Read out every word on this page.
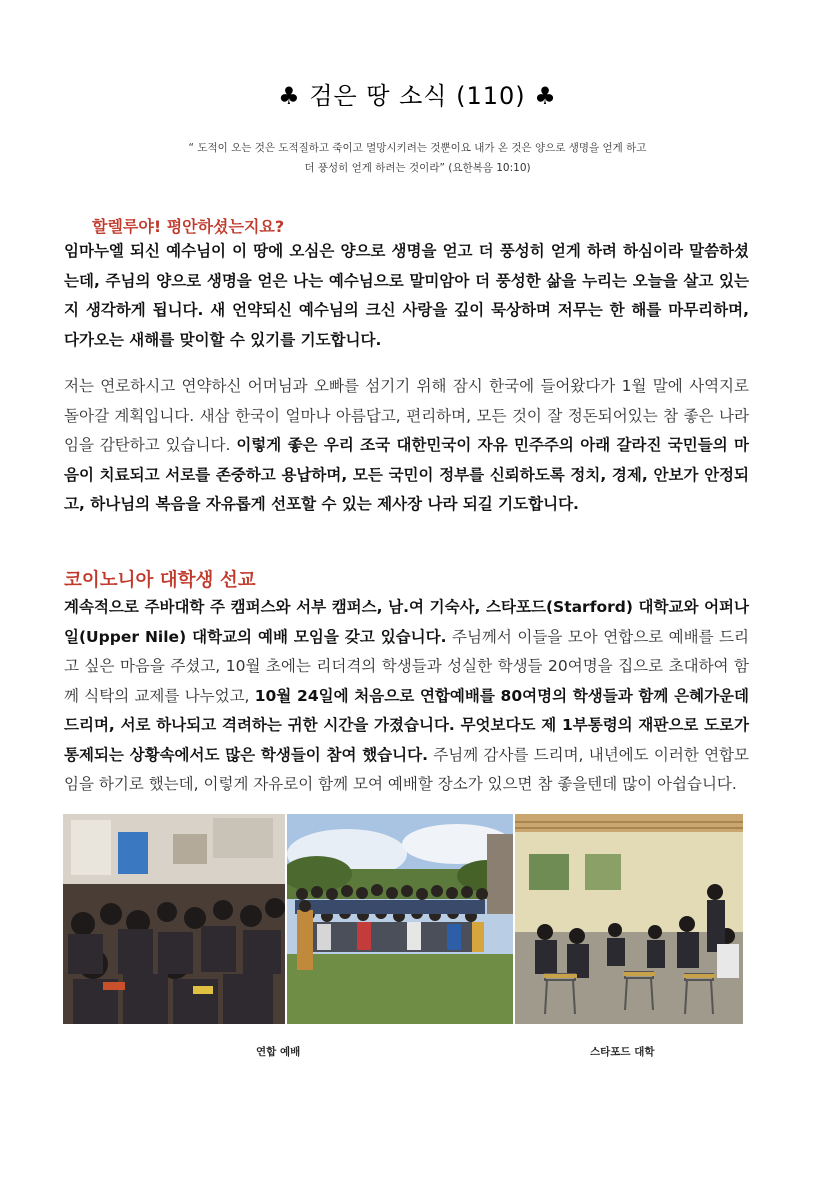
♣ 검은 땅 소식 (110) ♣
“ 도적이 오는 것은 도적질하고 죽이고 멸망시키려는 것뿐이요 내가 온 것은 양으로 생명을 얻게 하고
더 풍성히 얻게 하려는 것이라” (요한복음 10:10)
할렐루야! 평안하셨는지요?

임마누엘 되신 예수님이 이 땅에 오심은 양으로 생명을 얻고 더 풍성히 얻게 하려 하심이라 말씀하셨는데, 주님의 양으로 생명을 얻은 나는 예수님으로 말미암아 더 풍성한 삶을 누리는 오늘을 살고 있는지 생각하게 됩니다. 새 언약되신 예수님의 크신 사랑을 깊이 묵상하며 저무는 한 해를 마무리하며, 다가오는 새해를 맞이할 수 있기를 기도합니다.

저는 연로하시고 연약하신 어머님과 오빠를 섬기기 위해 잠시 한국에 들어왔다가 1월 말에 사역지로 돌아갈 계획입니다. 새삼 한국이 얼마나 아름답고, 편리하며, 모든 것이 잘 정돈되어있는 참 좋은 나라임을 감탄하고 있습니다. 이렇게 좋은 우리 조국 대한민국이 자유 민주주의 아래 갈라진 국민들의 마음이 치료되고 서로를 존중하고 용납하며, 모든 국민이 정부를 신뢰하도록 정치, 경제, 안보가 안정되고, 하나님의 복음을 자유롭게 선포할 수 있는 제사장 나라 되길 기도합니다.

코이노니아 대학생 선교

계속적으로 주바대학 주 캠퍼스와 서부 캠퍼스, 남.여 기숙사, 스타포드(Starford) 대학교와 어퍼나일(Upper Nile) 대학교의 예배 모임을 갖고 있습니다. 주님께서 이들을 모아 연합으로 예배를 드리고 싶은 마음을 주셨고, 10월 초에는 리더격의 학생들과 성실한 학생들 20여명을 집으로 초대하여 함께 식탁의 교제를 나누었고, 10월 24일에 처음으로 연합예배를 80여명의 학생들과 함께 은혜가운데 드리며, 서로 하나되고 격려하는 귀한 시간을 가졌습니다. 무엇보다도 제 1부통령의 재판으로 도로가 통제되는 상황속에서도 많은 학생들이 참여 했습니다. 주님께 감사를 드리며, 내년에도 이러한 연합모임을 하기로 했는데, 이렇게 자유로이 함께 모여 예배할 장소가 있으면 참 좋을텐데 많이 아쉽습니다.

연합 예배	스타포드 대학
